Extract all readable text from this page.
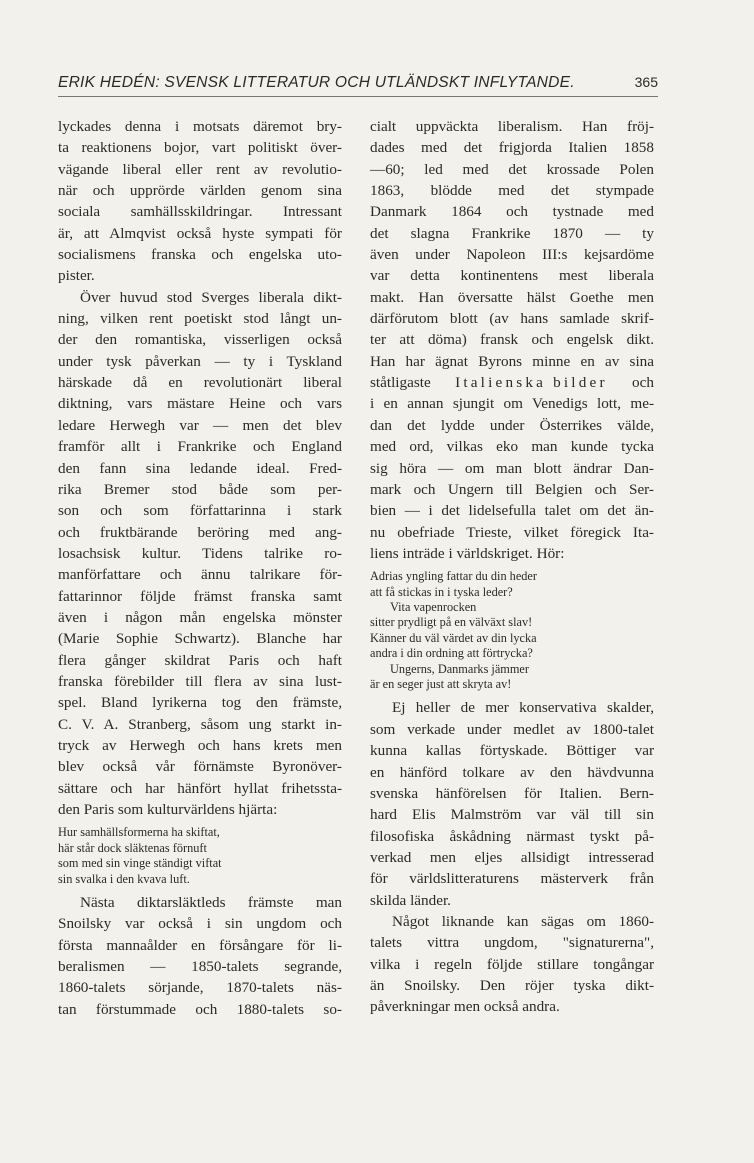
ERIK HEDÉN: SVENSK LITTERATUR OCH UTLÄNDSKT INFLYTANDE.	365
lyckades denna i motsats däremot bry-
ta reaktionens bojor, vart politiskt över-
vägande liberal eller rent av revolutio-
när och upprörde världen genom sina
sociala samhällsskildringar. Intressant
är, att Almqvist också hyste sympati för
socialismens franska och engelska uto-
pister.
Över huvud stod Sverges liberala dikt-
ning, vilken rent poetiskt stod långt un-
der den romantiska, visserligen också
under tysk påverkan — ty i Tyskland
härskade då en revolutionärt liberal
diktning, vars mästare Heine och vars
ledare Herwegh var — men det blev
framför allt i Frankrike och England
den fann sina ledande ideal. Fred-
rika Bremer stod både som per-
son och som författarinna i stark
och fruktbärande beröring med ang-
losachsisk kultur. Tidens talrike ro-
manförfattare och ännu talrikare för-
fattarinnor följde främst franska samt
även i någon mån engelska mönster
(Marie Sophie Schwartz). Blanche har
flera gånger skildrat Paris och haft
franska förebilder till flera av sina lust-
spel. Bland lyrikerna tog den främste,
C. V. A. Stranberg, såsom ung starkt in-
tryck av Herwegh och hans krets men
blev också vår förnämste Byronöver-
sättare och har hänfört hyllat frihetssta-
den Paris som kulturvärldens hjärta:
Hur samhällsformerna ha skiftat,
här står dock släktenas förnuft
som med sin vinge ständigt viftat
sin svalka i den kvava luft.
Nästa diktarsläktleds främste man
Snoilsky var också i sin ungdom och
första mannaålder en försångare för li-
beralismen — 1850-talets segrande,
1860-talets sörjande, 1870-talets näs-
tan förstummade och 1880-talets so-
cialt uppväckta liberalism. Han fröj-
dades med det frigjorda Italien 1858
—60; led med det krossade Polen
1863, blödde med det stympade
Danmark 1864 och tystnade med
det slagna Frankrike 1870 — ty
även under Napoleon III:s kejsardöme
var detta kontinentens mest liberala
makt. Han översatte hälst Goethe men
därförutom blott (av hans samlade skrif-
ter att döma) fransk och engelsk dikt.
Han har ägnat Byrons minne en av sina
ståtligaste Italienska bilder och
i en annan sjungit om Venedigs lott, me-
dan det lydde under Österrikes välde,
med ord, vilkas eko man kunde tycka
sig höra — om man blott ändrar Dan-
mark och Ungern till Belgien och Ser-
bien — i det lidelsefulla talet om det än-
nu obefriade Trieste, vilket föregick Ita-
liens inträde i världskriget. Hör:
Adrias yngling fattar du din heder
att få stickas in i tyska leder?
Vita vapenrocken
sitter prydligt på en välväxt slav!
Känner du väl värdet av din lycka
andra i din ordning att förtrycka?
Ungerns, Danmarks jämmer
är en seger just att skryta av!
Ej heller de mer konservativa skalder,
som verkade under medlet av 1800-talet
kunna kallas förtyskade. Böttiger var
en hänförd tolkare av den hävdvunna
svenska hänförelsen för Italien. Bern-
hard Elis Malmström var väl till sin
filosofiska åskådning närmast tyskt på-
verkad men eljes allsidigt intresserad
för världslitteraturens mästerverk från
skilda länder.
Något liknande kan sägas om 1860-
talets vittra ungdom, "signaturerna",
vilka i regeln följde stillare tongångar
än Snoilsky. Den röjer tyska dikt-
påverkningar men också andra.
